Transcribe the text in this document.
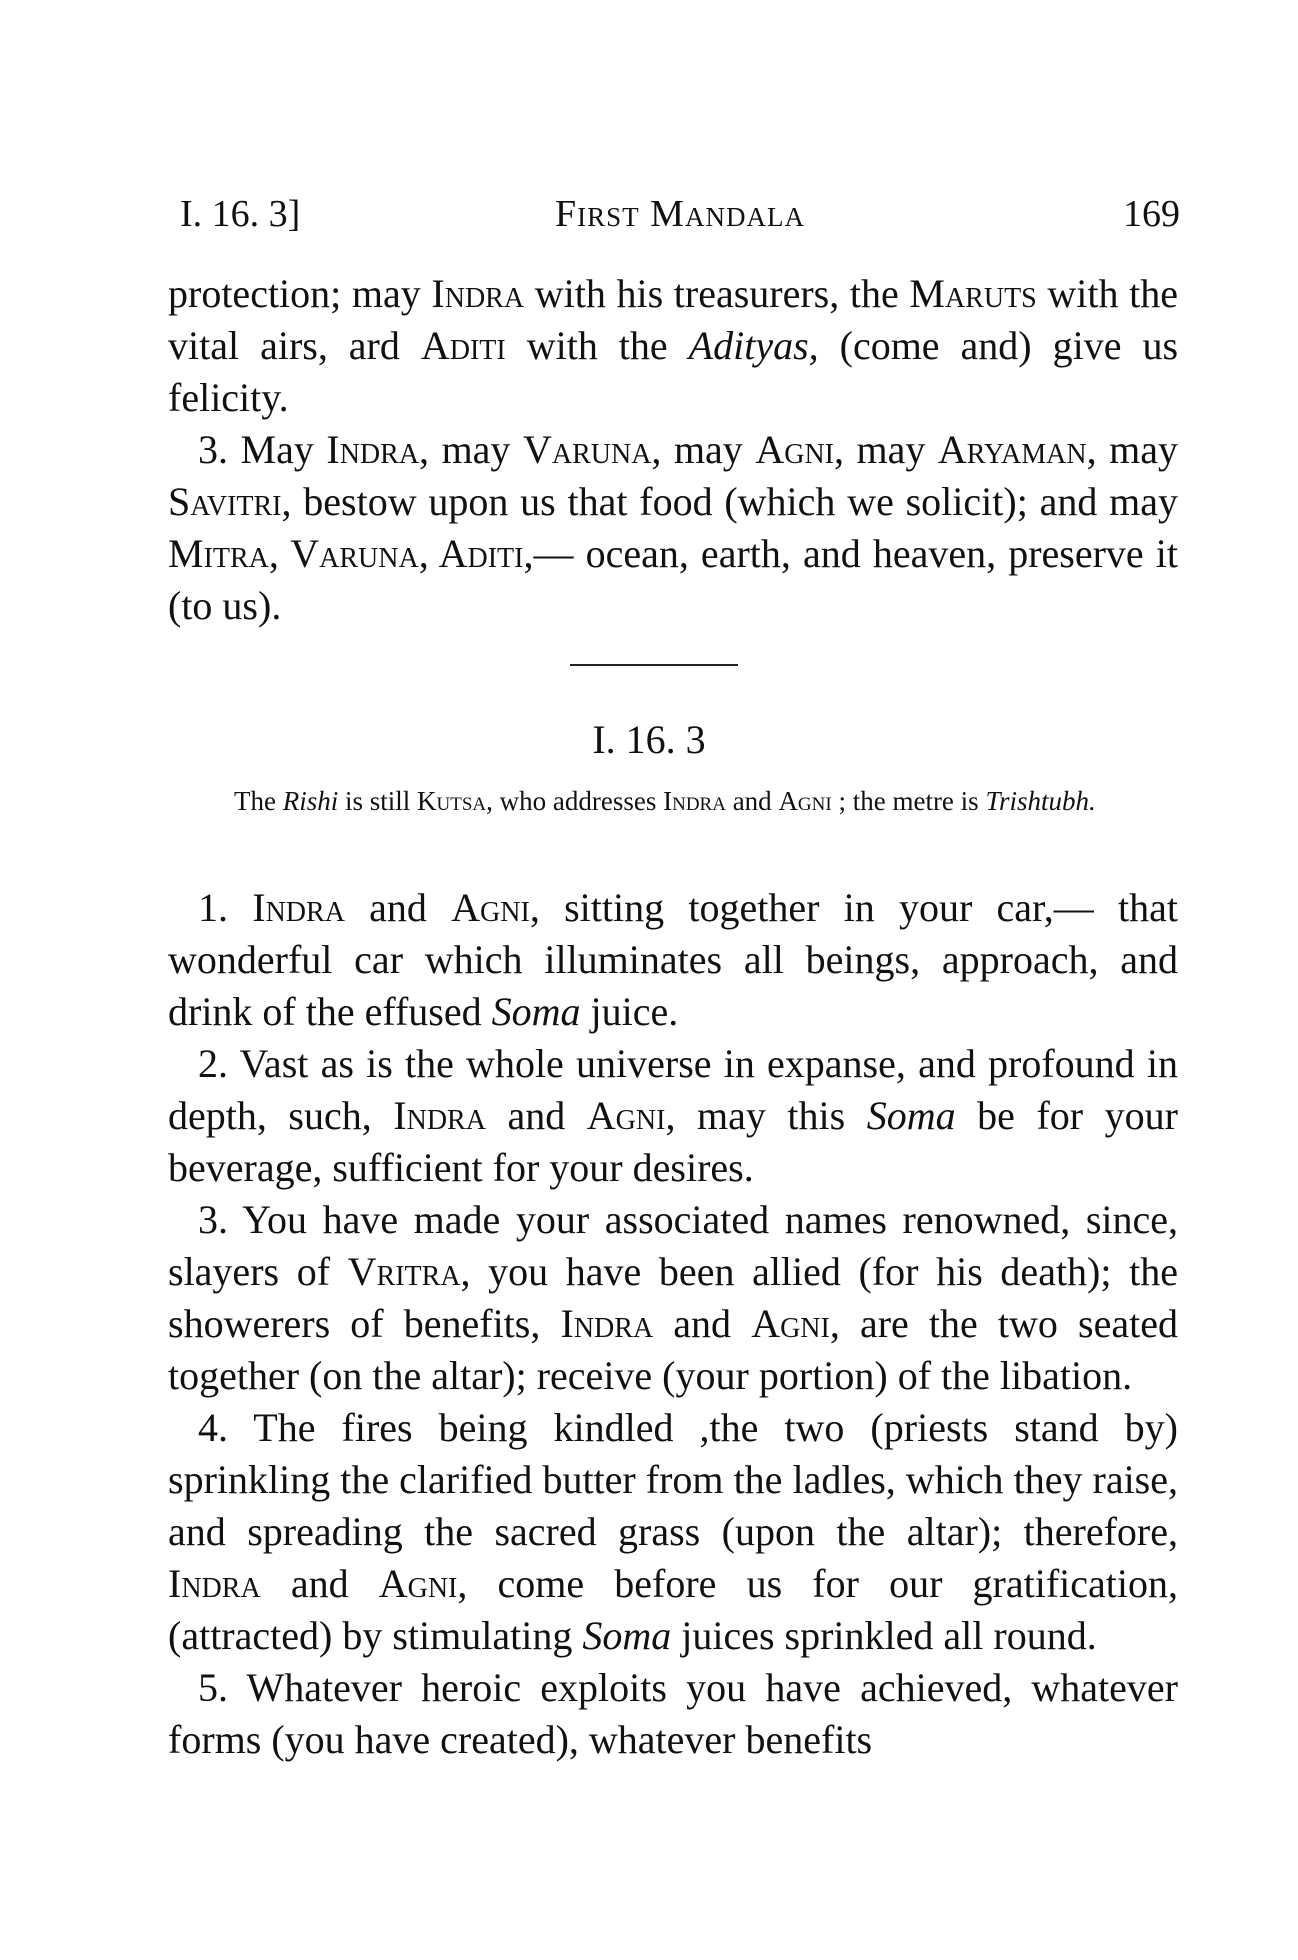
I. 16. 3]	First Mandala	169

protection; may Indra with his treasurers, the Maruts with the vital airs, ard Aditi with the Adityas, (come and) give us felicity.

3. May Indra, may Varuna, may Agni, may Aryaman, may Savitri, bestow upon us that food (which we solicit); and may Mitra, Varuna, Aditi,— ocean, earth, and heaven, preserve it (to us).

I. 16. 3

The Rishi is still Kutsa, who addresses Indra and Agni ; the metre is Trishtubh.

1. Indra and Agni, sitting together in your car,— that wonderful car which illuminates all beings, approach, and drink of the effused Soma juice.

2. Vast as is the whole universe in expanse, and profound in depth, such, Indra and Agni, may this Soma be for your beverage, sufficient for your desires.

3. You have made your associated names renowned, since, slayers of Vritra, you have been allied (for his death); the showerers of benefits, Indra and Agni, are the two seated together (on the altar); receive (your portion) of the libation.

4. The fires being kindled ,the two (priests stand by) sprinkling the clarified butter from the ladles, which they raise, and spreading the sacred grass (upon the altar); therefore, Indra and Agni, come before us for our gratification, (attracted) by stimulating Soma juices sprinkled all round.

5. Whatever heroic exploits you have achieved, whatever forms (you have created), whatever benefits
